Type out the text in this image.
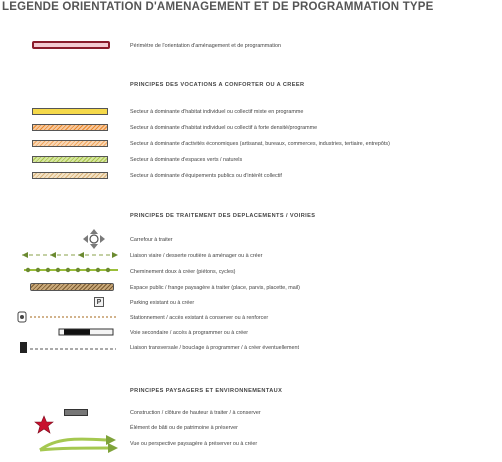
LEGENDE ORIENTATION D'AMENAGEMENT ET DE PROGRAMMATION TYPE
Périmètre de l'orientation d'aménagement et de programmation
PRINCIPES DES VOCATIONS A CONFORTER OU A CREER
Secteur à dominante d'habitat individuel ou collectif mixte en programme
Secteur à dominante d'habitat individuel ou collectif à forte densité/programme
Secteur à dominante d'activités économiques (artisanat, bureaux, commerces, industries, tertiaire, entrepôts)
Secteur à dominante d'espaces verts / naturels
Secteur à dominante d'équipements publics ou d'intérêt collectif
PRINCIPES DE TRAITEMENT DES DEPLACEMENTS / VOIRIES
Carrefour à traiter
Liaison viaire / desserte routière à aménager ou à créer
Cheminement doux à créer (piétons, cycles)
Espace public / frange paysagère à traiter (place, parvis, placette, mail)
P	Parking existant ou à créer
Stationnement / accès existant à conserver ou à renforcer
Voie secondaire / accès à programmer ou à créer
Liaison transversale / bouclage à programmer / à créer éventuellement
PRINCIPES PAYSAGERS ET ENVIRONNEMENTAUX
Construction / clôture de hauteur à traiter / à conserver
Élément de bâti ou de patrimoine à préserver
Vue ou perspective paysagère à préserver ou à créer
